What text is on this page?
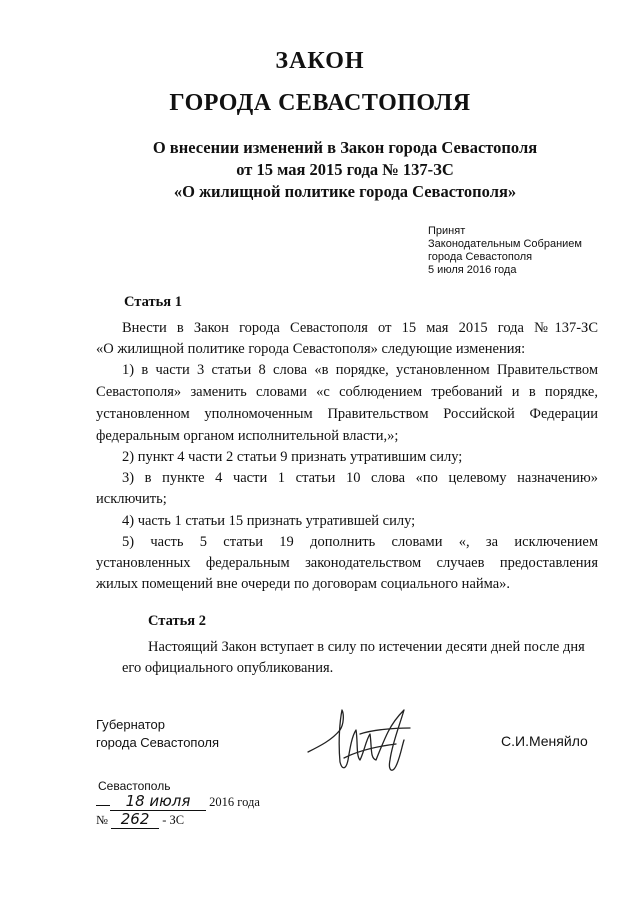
ЗАКОН
ГОРОДА СЕВАСТОПОЛЯ
О внесении изменений в Закон города Севастополя
от 15 мая 2015 года № 137-ЗС
«О жилищной политике города Севастополя»
Принят
Законодательным Собранием
города Севастополя
5 июля 2016 года
Статья 1
Внести в Закон города Севастополя от 15 мая 2015 года №137-ЗС
«О жилищной политике города Севастополя» следующие изменения:
1) в части 3 статьи 8 слова «в порядке, установленном Правительством
Севастополя» заменить словами «с соблюдением требований и в порядке,
установленном уполномоченным Правительством Российской Федерации
федеральным органом исполнительной власти,»;
2) пункт 4 части 2 статьи 9 признать утратившим силу;
3) в пункте 4 части 1 статьи 10 слова «по целевому назначению»
исключить;
4) часть 1 статьи 15 признать утратившей силу;
5) часть 5 статьи 19 дополнить словами «, за исключением
установленных федеральным законодательством случаев предоставления
жилых помещений вне очереди по договорам социального найма».
Статья 2
Настоящий Закон вступает в силу по истечении десяти дней после дня
его официального опубликования.
Губернатор
города Севастополя	С.И.Меняйло
Севастополь
18 июля 2016 года
№ 262 - ЗС
